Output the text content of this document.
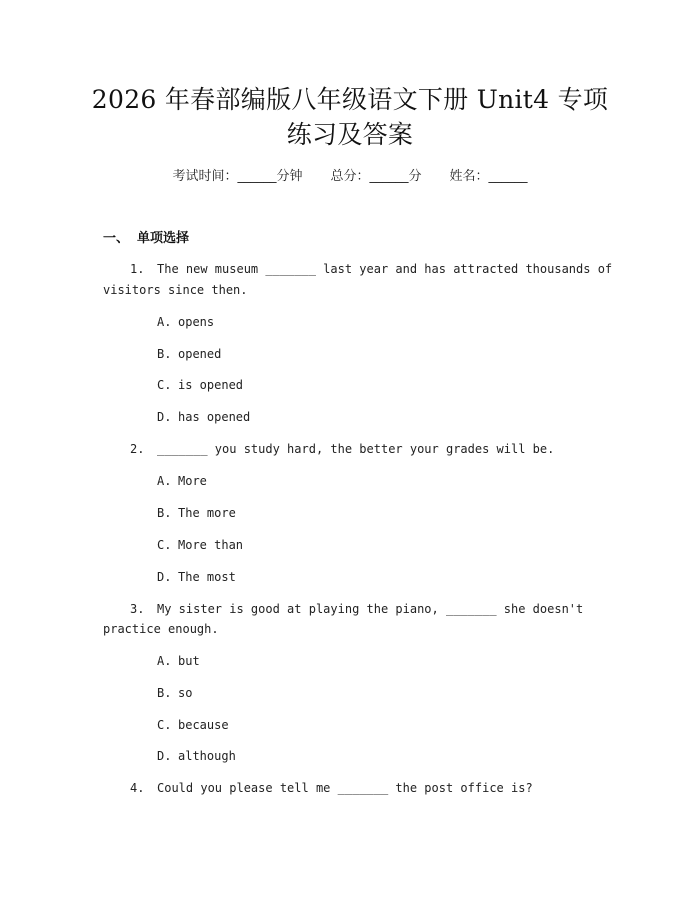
2026 年春部编版八年级语文下册 Unit4 专项
练习及答案
考试时间：______分钟 总分：______分 姓名：______
一、 单项选择
1. The new museum _______ last year and has attracted thousands of
visitors since then.
A. opens
B. opened
C. is opened
D. has opened
2. _______ you study hard, the better your grades will be.
A. More
B. The more
C. More than
D. The most
3. My sister is good at playing the piano, _______ she doesn't
practice enough.
A. but
B. so
C. because
D. although
4. Could you please tell me _______ the post office is?
